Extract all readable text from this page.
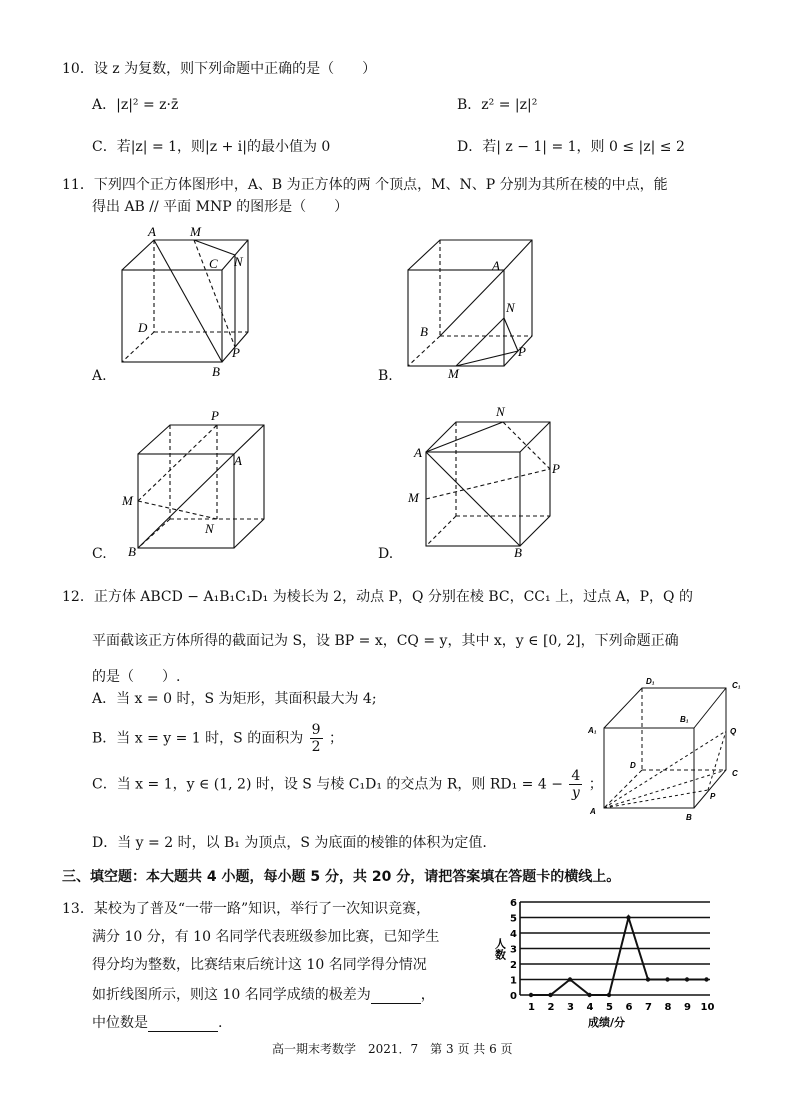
10．设 z 为复数，则下列命题中正确的是（　　）
A．|z|² = z·z̄	B．z² = |z|²
C．若|z| = 1，则|z + i|的最小值为 0	D．若| z − 1| = 1，则 0 ≤ |z| ≤ 2
11．下列四个正方体图形中，A、B 为正方体的两 个顶点，M、N、P 分别为其所在棱的中点，能
得出 AB // 平面 MNP 的图形是（　　）
A	M
C N
D
P
B
A.
A
N
B
P
M
B.
P
A
M
N
B
C.
N
A
P
M
B
D.
12．正方体 ABCD − A₁B₁C₁D₁ 为棱长为 2，动点 P，Q 分别在棱 BC，CC₁ 上，过点 A，P，Q 的
平面截该正方体所得的截面记为 S，设 BP = x，CQ = y，其中 x，y ∈ [0, 2]，下列命题正确
的是（　　）.
A．当 x = 0 时，S 为矩形，其面积最大为 4;
B．当 x = y = 1 时，S 的面积为 $\frac{9}{2}$ ；
C．当 x = 1，y ∈ (1, 2) 时，设 S 与棱 C₁D₁ 的交点为 R，则 $RD_1 = 4 - \frac{4}{y}$ ；
D．当 y = 2 时，以 B₁ 为顶点，S 为底面的棱锥的体积为定值.
D₁	C₁
A₁
B₁
Q
D
C
P
A
B
三、填空题：本大题共 4 小题，每小题 5 分，共 20 分，请把答案填在答题卡的横线上。
13．某校为了普及“一带一路”知识，举行了一次知识竞赛，
满分 10 分，有 10 名同学代表班级参加比赛，已知学生
得分均为整数，比赛结束后统计这 10 名同学得分情况
如折线图所示，则这 10 名同学成绩的极差为	，
中位数是	.
0
1
2
3
4
5
6
1 2 3 4 5 6 7 8 9 10
人数
成绩/分
高一期末考数学　2021．7　第 3 页 共 6 页
